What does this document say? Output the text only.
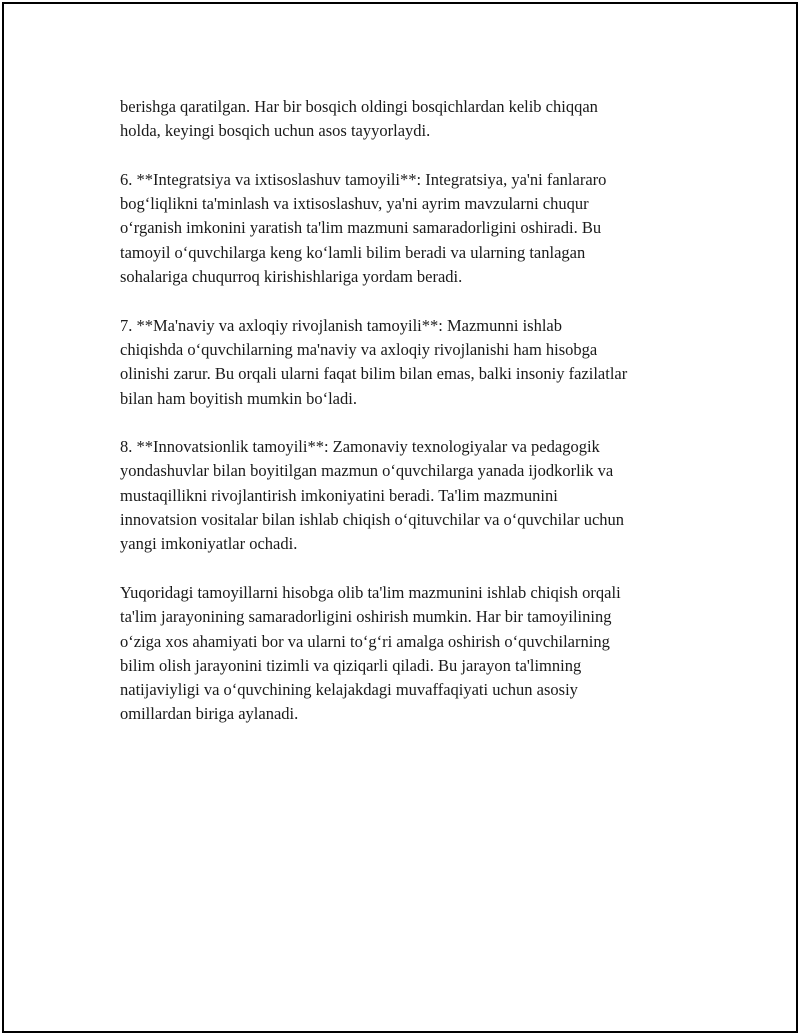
berishga qaratilgan. Har bir bosqich oldingi bosqichlardan kelib chiqqan
holda, keyingi bosqich uchun asos tayyorlaydi.

6. **Integratsiya va ixtisoslashuv tamoyili**: Integratsiya, ya'ni fanlararo
bog‘liqlikni ta'minlash va ixtisoslashuv, ya'ni ayrim mavzularni chuqur
o‘rganish imkonini yaratish ta'lim mazmuni samaradorligini oshiradi. Bu
tamoyil o‘quvchilarga keng ko‘lamli bilim beradi va ularning tanlagan
sohalariga chuqurroq kirishishlariga yordam beradi.

7. **Ma'naviy va axloqiy rivojlanish tamoyili**: Mazmunni ishlab
chiqishda o‘quvchilarning ma'naviy va axloqiy rivojlanishi ham hisobga
olinishi zarur. Bu orqali ularni faqat bilim bilan emas, balki insoniy fazilatlar
bilan ham boyitish mumkin bo‘ladi.

8. **Innovatsionlik tamoyili**: Zamonaviy texnologiyalar va pedagogik
yondashuvlar bilan boyitilgan mazmun o‘quvchilarga yanada ijodkorlik va
mustaqillikni rivojlantirish imkoniyatini beradi. Ta'lim mazmunini
innovatsion vositalar bilan ishlab chiqish o‘qituvchilar va o‘quvchilar uchun
yangi imkoniyatlar ochadi.

Yuqoridagi tamoyillarni hisobga olib ta'lim mazmunini ishlab chiqish orqali
ta'lim jarayonining samaradorligini oshirish mumkin. Har bir tamoyilining
o‘ziga xos ahamiyati bor va ularni to‘g‘ri amalga oshirish o‘quvchilarning
bilim olish jarayonini tizimli va qiziqarli qiladi. Bu jarayon ta'limning
natijaviyligi va o‘quvchining kelajakdagi muvaffaqiyati uchun asosiy
omillardan biriga aylanadi.
